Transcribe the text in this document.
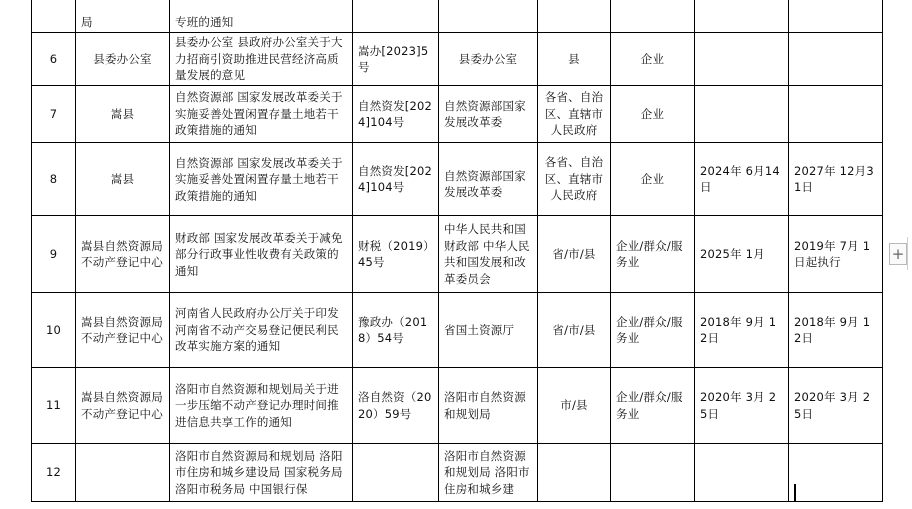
	局	专班的通知						
6	县委办公室	县委办公室 县政府办公室关于大力招商引资助推进民营经济高质量发展的意见	嵩办[2023]5号	县委办公室	县	企业		
7	嵩县	自然资源部 国家发展改革委关于实施妥善处置闲置存量土地若干政策措施的通知	自然资发[2024]104号	自然资源部国家发展改革委	各省、自治区、直辖市人民政府	企业		
8	嵩县	自然资源部 国家发展改革委关于实施妥善处置闲置存量土地若干政策措施的通知	自然资发[2024]104号	自然资源部国家发展改革委	各省、自治区、直辖市人民政府	企业	2024年 6月14日	2027年 12月31日
9	嵩县自然资源局不动产登记中心	财政部 国家发展改革委关于减免部分行政事业性收费有关政策的通知	财税（2019）45号	中华人民共和国财政部 中华人民共和国发展和改革委员会	省/市/县	企业/群众/服务业	2025年 1月	2019年 7月 1日起执行
10	嵩县自然资源局不动产登记中心	河南省人民政府办公厅关于印发河南省不动产交易登记便民利民改革实施方案的通知	豫政办（2018）54号	省国土资源厅	省/市/县	企业/群众/服务业	2018年 9月 12日	2018年 9月 12日
11	嵩县自然资源局不动产登记中心	洛阳市自然资源和规划局关于进一步压缩不动产登记办理时间推进信息共享工作的通知	洛自然资（2020）59号	洛阳市自然资源和规划局	市/县	企业/群众/服务业	2020年 3月 25日	2020年 3月 25日
12		洛阳市自然资源局和规划局 洛阳市住房和城乡建设局 国家税务局洛阳市税务局 中国银行保		洛阳市自然资源和规划局 洛阳市住房和城乡建				
+
